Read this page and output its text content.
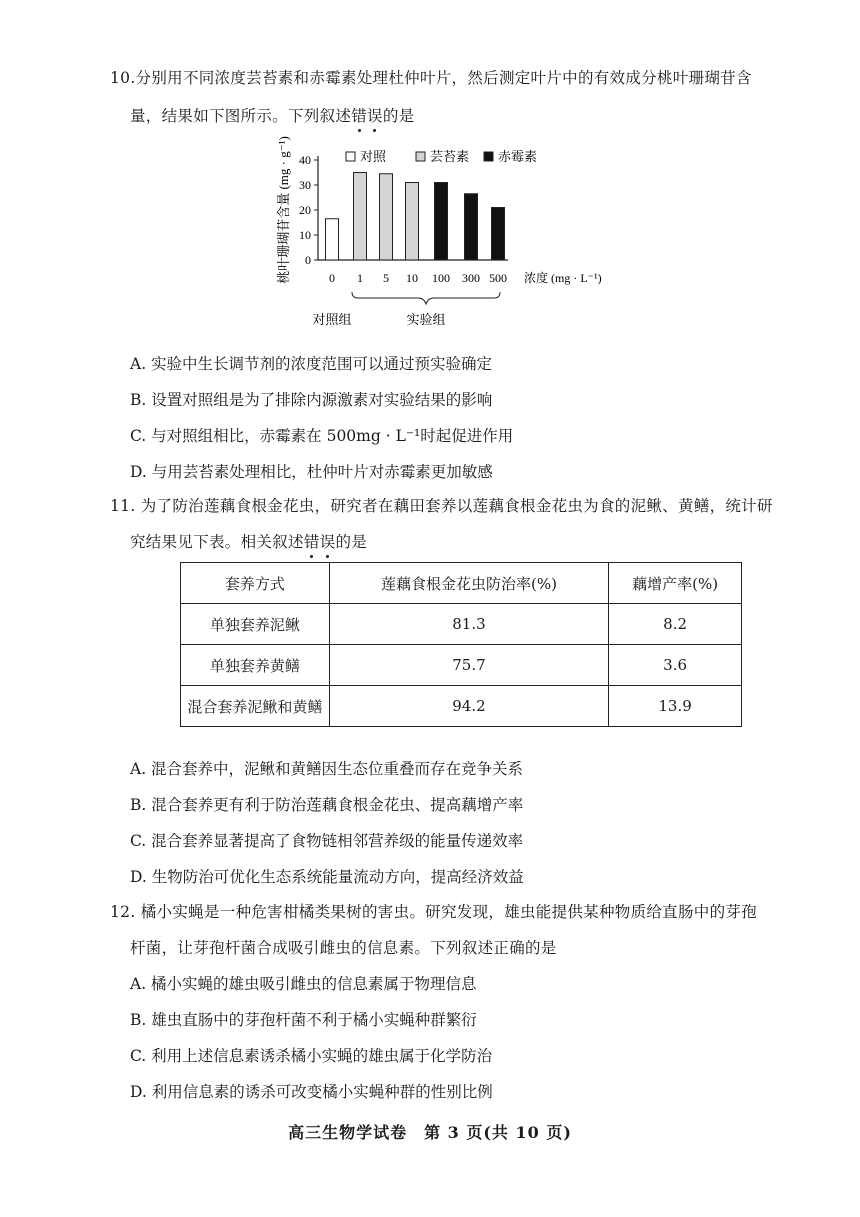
10.分别用不同浓度芸苔素和赤霉素处理杜仲叶片，然后测定叶片中的有效成分桃叶珊瑚苷含
量，结果如下图所示。下列叙述错误的是
桃叶珊瑚苷含量 (mg · g⁻¹) 0
10
20
30
40
0 1 5 10 100 300 500 浓度 (mg · L⁻¹)
对照组	实验组
对照	芸苔素 赤霉素
A. 实验中生长调节剂的浓度范围可以通过预实验确定
B. 设置对照组是为了排除内源激素对实验结果的影响
C. 与对照组相比，赤霉素在 500mg · L⁻¹时起促进作用
D. 与用芸苔素处理相比，杜仲叶片对赤霉素更加敏感
11. 为了防治莲藕食根金花虫，研究者在藕田套养以莲藕食根金花虫为食的泥鳅、黄鳝，统计研
究结果见下表。相关叙述错误的是
套养方式	莲藕食根金花虫防治率(%)	藕增产率(%)
单独套养泥鳅	81.3	8.2
单独套养黄鳝	75.7	3.6
混合套养泥鳅和黄鳝	94.2	13.9
A. 混合套养中，泥鳅和黄鳝因生态位重叠而存在竞争关系
B. 混合套养更有利于防治莲藕食根金花虫、提高藕增产率
C. 混合套养显著提高了食物链相邻营养级的能量传递效率
D. 生物防治可优化生态系统能量流动方向，提高经济效益
12. 橘小实蝇是一种危害柑橘类果树的害虫。研究发现，雄虫能提供某种物质给直肠中的芽孢
杆菌，让芽孢杆菌合成吸引雌虫的信息素。下列叙述正确的是
A. 橘小实蝇的雄虫吸引雌虫的信息素属于物理信息
B. 雄虫直肠中的芽孢杆菌不利于橘小实蝇种群繁衍
C. 利用上述信息素诱杀橘小实蝇的雄虫属于化学防治
D. 利用信息素的诱杀可改变橘小实蝇种群的性别比例
高三生物学试卷　第 3 页(共 10 页)
